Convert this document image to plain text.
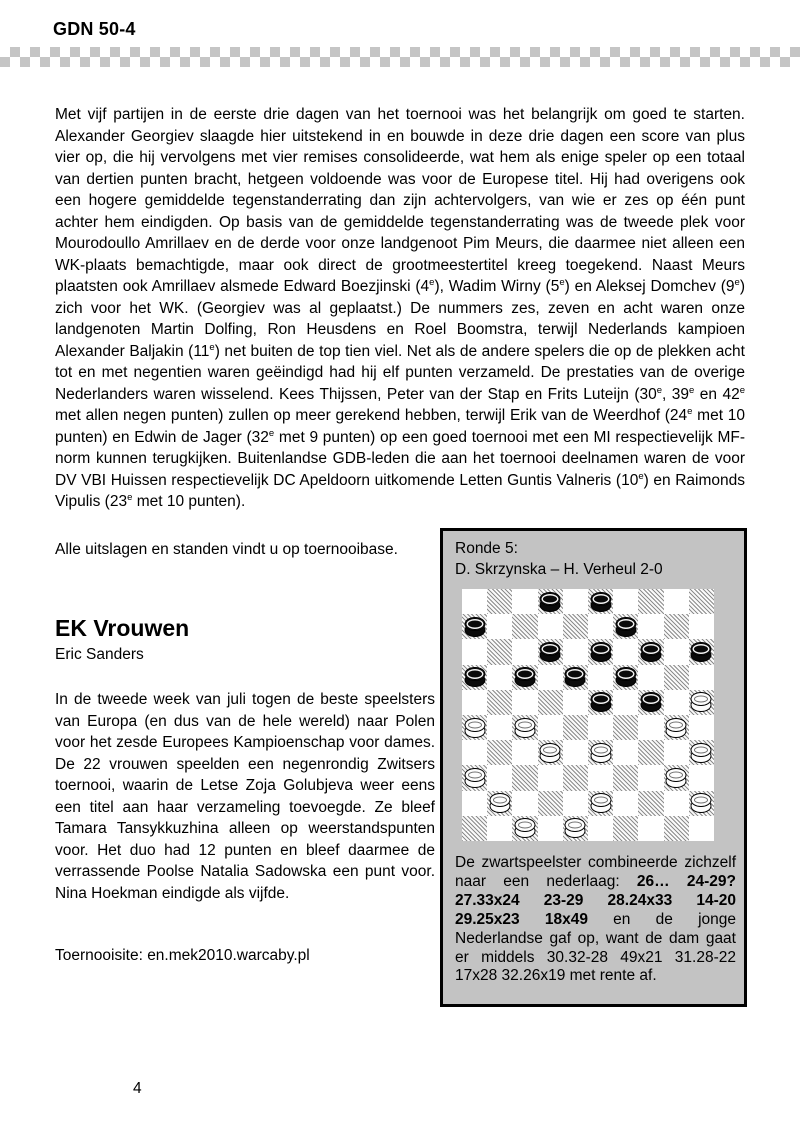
GDN 50-4
Met vijf partijen in de eerste drie dagen van het toernooi was het belangrijk om goed te starten. Alexander Georgiev slaagde hier uitstekend in en bouwde in deze drie dagen een score van plus vier op, die hij vervolgens met vier remises consolideerde, wat hem als enige speler op een totaal van dertien punten bracht, hetgeen voldoende was voor de Europese titel. Hij had overigens ook een hogere gemiddelde tegenstanderrating dan zijn achtervolgers, van wie er zes op één punt achter hem eindigden. Op basis van de gemiddelde tegenstanderrating was de tweede plek voor Mourodoullo Amrillaev en de derde voor onze landgenoot Pim Meurs, die daarmee niet alleen een WK-plaats bemachtigde, maar ook direct de grootmeestertitel kreeg toegekend. Naast Meurs plaatsten ook Amrillaev alsmede Edward Boezjinski (4e), Wadim Wirny (5e) en Aleksej Domchev (9e) zich voor het WK. (Georgiev was al geplaatst.) De nummers zes, zeven en acht waren onze landgenoten Martin Dolfing, Ron Heusdens en Roel Boomstra, terwijl Nederlands kampioen Alexander Baljakin (11e) net buiten de top tien viel. Net als de andere spelers die op de plekken acht tot en met negentien waren geëindigd had hij elf punten verzameld. De prestaties van de overige Nederlanders waren wisselend. Kees Thijssen, Peter van der Stap en Frits Luteijn (30e, 39e en 42e met allen negen punten) zullen op meer gerekend hebben, terwijl Erik van de Weerdhof (24e met 10 punten) en Edwin de Jager (32e met 9 punten) op een goed toernooi met een MI respectievelijk MF-norm kunnen terugkijken. Buitenlandse GDB-leden die aan het toernooi deelnamen waren de voor DV VBI Huissen respectievelijk DC Apeldoorn uitkomende Letten Guntis Valneris (10e) en Raimonds Vipulis (23e met 10 punten).
Alle uitslagen en standen vindt u op toernooibase.
EK Vrouwen
Eric Sanders
In de tweede week van juli togen de beste speelsters van Europa (en dus van de hele wereld) naar Polen voor het zesde Europees Kampioenschap voor dames. De 22 vrouwen speelden een negenrondig Zwitsers toernooi, waarin de Letse Zoja Golubjeva weer eens een titel aan haar verzameling toevoegde. Ze bleef Tamara Tansykkuzhina alleen op weerstandspunten voor. Het duo had 12 punten en bleef daarmee de verrassende Poolse Natalia Sadowska een punt voor. Nina Hoekman eindigde als vijfde.
Toernooisite: en.mek2010.warcaby.pl
Ronde 5:
D. Skrzynska – H. Verheul 2-0
De zwartspeelster combineerde zichzelf naar een nederlaag: 26… 24-29? 27.33x24 23-29 28.24x33 14-20 29.25x23 18x49 en de jonge Nederlandse gaf op, want de dam gaat er middels 30.32-28 49x21 31.28-22 17x28 32.26x19 met rente af.
4
